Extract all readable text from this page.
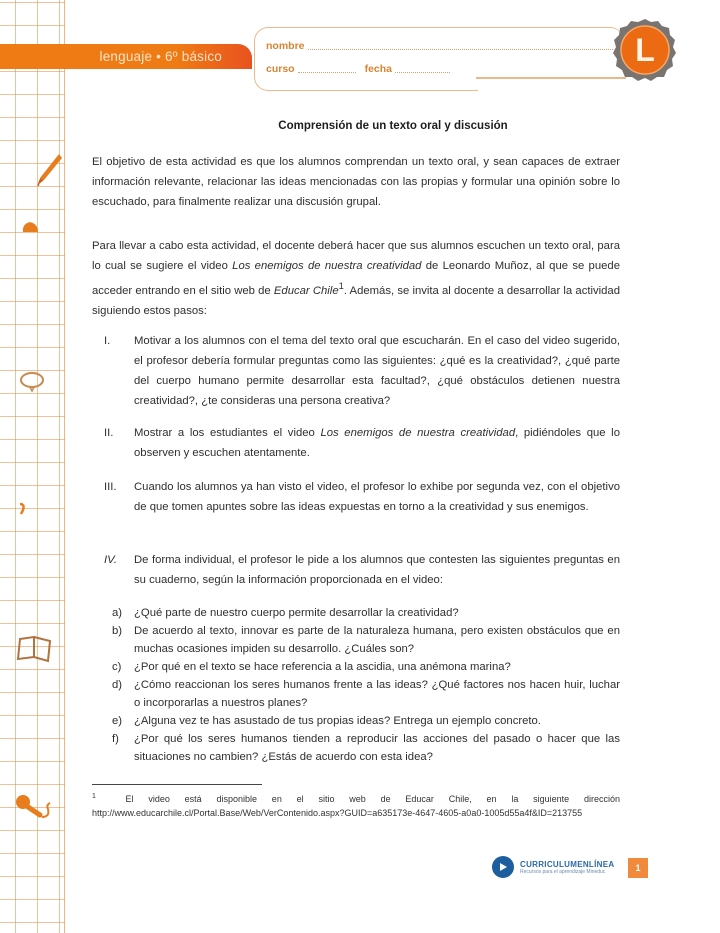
lenguaje • 6º básico
nombre
curso	fecha
L
Comprensión de un texto oral y discusión
El objetivo de esta actividad es que los alumnos comprendan un texto oral, y sean capaces de extraer información relevante, relacionar las ideas mencionadas con las propias y formular una opinión sobre lo escuchado, para finalmente realizar una discusión grupal.
Para llevar a cabo esta actividad, el docente deberá hacer que sus alumnos escuchen un texto oral, para lo cual se sugiere el video Los enemigos de nuestra creatividad de Leonardo Muñoz, al que se puede acceder entrando en el sitio web de Educar Chile$^1$. Además, se invita al docente a desarrollar la actividad siguiendo estos pasos:
I.	Motivar a los alumnos con el tema del texto oral que escucharán. En el caso del video sugerido, el profesor debería formular preguntas como las siguientes: ¿qué es la creatividad?, ¿qué parte del cuerpo humano permite desarrollar esta facultad?, ¿qué obstáculos detienen nuestra creatividad?, ¿te consideras una persona creativa?
II.	Mostrar a los estudiantes el video Los enemigos de nuestra creatividad, pidiéndoles que lo observen y escuchen atentamente.
III.	Cuando los alumnos ya han visto el video, el profesor lo exhibe por segunda vez, con el objetivo de que tomen apuntes sobre las ideas expuestas en torno a la creatividad y sus enemigos.
IV.	De forma individual, el profesor le pide a los alumnos que contesten las siguientes preguntas en su cuaderno, según la información proporcionada en el video:
a)	¿Qué parte de nuestro cuerpo permite desarrollar la creatividad?
b)	De acuerdo al texto, innovar es parte de la naturaleza humana, pero existen obstáculos que en muchas ocasiones impiden su desarrollo. ¿Cuáles son?
c)	¿Por qué en el texto se hace referencia a la ascidia, una anémona marina?
d)	¿Cómo reaccionan los seres humanos frente a las ideas? ¿Qué factores nos hacen huir, luchar o incorporarlas a nuestros planes?
e)	¿Alguna vez te has asustado de tus propias ideas? Entrega un ejemplo concreto.
f)	¿Por qué los seres humanos tienden a reproducir las acciones del pasado o hacer que las situaciones no cambien? ¿Estás de acuerdo con esta idea?
$^1$	El video está disponible en el sitio web de Educar Chile, en la siguiente dirección http://www.educarchile.cl/Portal.Base/Web/VerContenido.aspx?GUID=a635173e-4647-4605-a0a0-1005d55a4f&ID=213755
CURRICULUMENLÍNEA
Recursos para el aprendizaje Mineduc	1
